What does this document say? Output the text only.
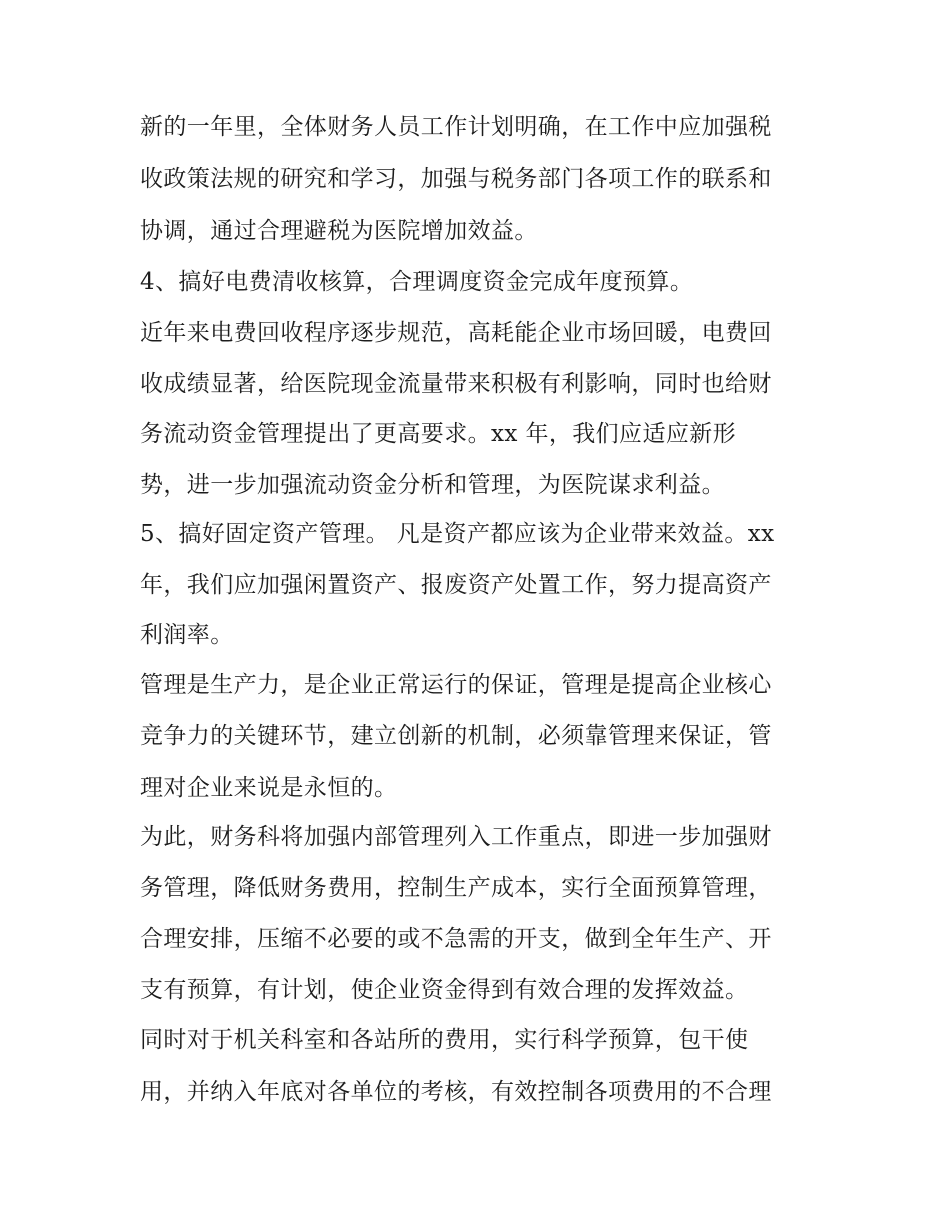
新的一年里，全体财务人员工作计划明确，在工作中应加强税
收政策法规的研究和学习，加强与税务部门各项工作的联系和
协调，通过合理避税为医院增加效益。
4、搞好电费清收核算，合理调度资金完成年度预算。
近年来电费回收程序逐步规范，高耗能企业市场回暖，电费回
收成绩显著，给医院现金流量带来积极有利影响，同时也给财
务流动资金管理提出了更高要求。xx 年，我们应适应新形
势，进一步加强流动资金分析和管理，为医院谋求利益。
5、搞好固定资产管理。 凡是资产都应该为企业带来效益。xx
年，我们应加强闲置资产、报废资产处置工作，努力提高资产
利润率。
管理是生产力，是企业正常运行的保证，管理是提高企业核心
竞争力的关键环节，建立创新的机制，必须靠管理来保证，管
理对企业来说是永恒的。
为此，财务科将加强内部管理列入工作重点，即进一步加强财
务管理，降低财务费用，控制生产成本，实行全面预算管理，
合理安排，压缩不必要的或不急需的开支，做到全年生产、开
支有预算，有计划，使企业资金得到有效合理的发挥效益。
同时对于机关科室和各站所的费用，实行科学预算，包干使
用，并纳入年底对各单位的考核，有效控制各项费用的不合理
